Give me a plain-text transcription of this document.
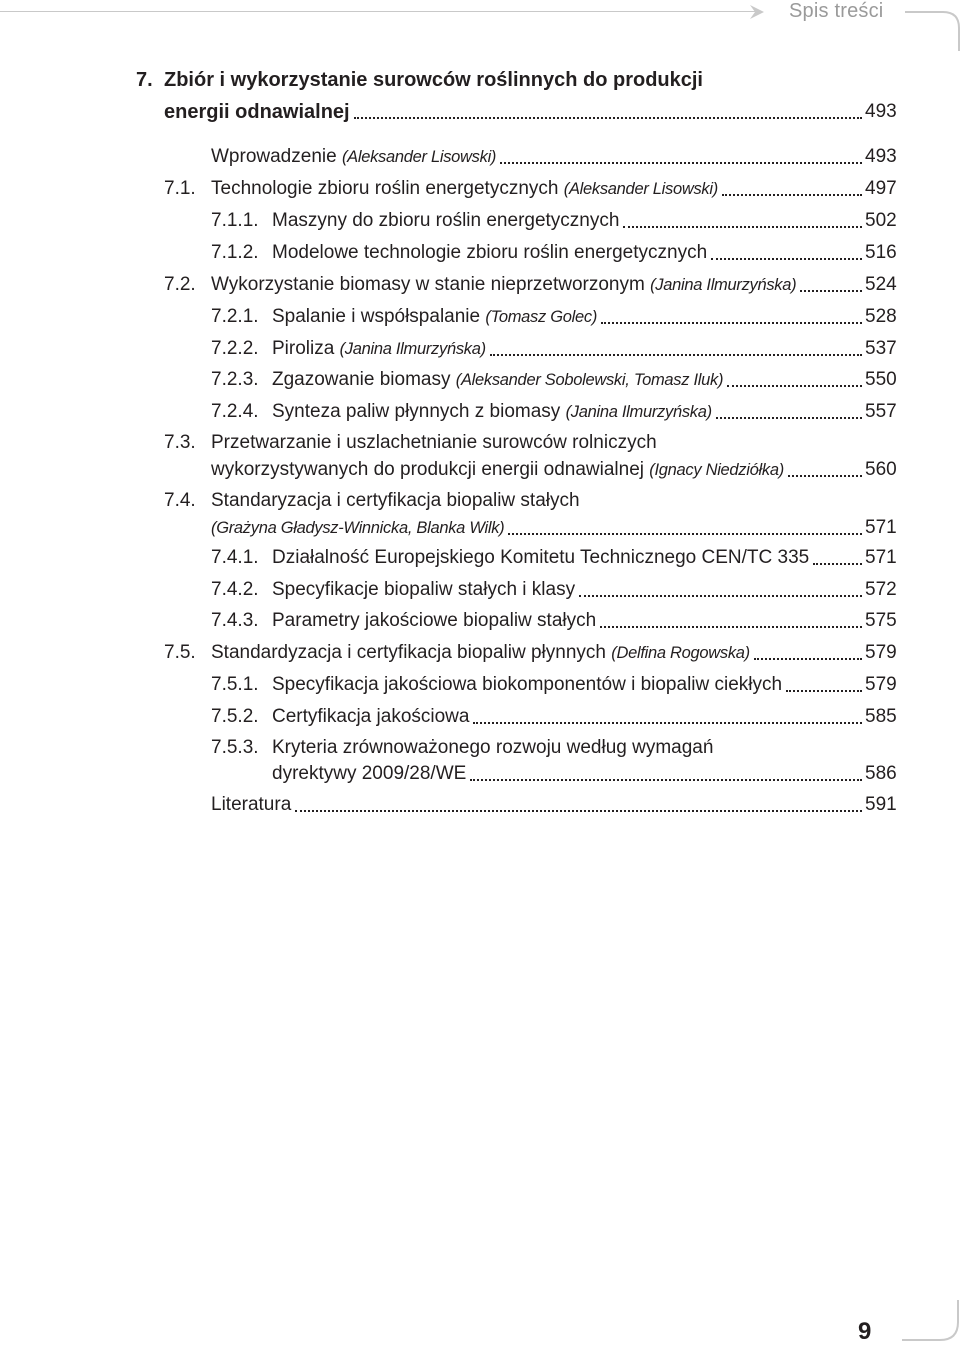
Spis treści
7. Zbiór i wykorzystanie surowców roślinnych do produkcji
energii odnawialnej	493
Wprowadzenie
(Aleksander Lisowski)	493
7.1. Technologie zbioru roślin energetycznych
(Aleksander Lisowski)	497
7.1.1. Maszyny do zbioru roślin energetycznych	502
7.1.2. Modelowe technologie zbioru roślin energetycznych	516
7.2. Wykorzystanie biomasy w stanie nieprzetworzonym
(Janina Ilmurzyńska)	524
7.2.1. Spalanie i współspalanie
(Tomasz Golec)	528
7.2.2. Piroliza
(Janina Ilmurzyńska)	537
7.2.3. Zgazowanie biomasy
(Aleksander Sobolewski, Tomasz Iluk)	550
7.2.4. Synteza paliw płynnych z biomasy
(Janina Ilmurzyńska)	557
7.3. Przetwarzanie i uszlachetnianie surowców rolniczych
wykorzystywanych do produkcji energii odnawialnej
(Ignacy Niedziółka)	560
7.4. Standaryzacja i certyfikacja biopaliw stałych
(Grażyna Gładysz-Winnicka, Blanka Wilk)	571
7.4.1. Działalność Europejskiego Komitetu Technicznego CEN/TC 335	571
7.4.2. Specyfikacje biopaliw stałych i klasy	572
7.4.3. Parametry jakościowe biopaliw stałych	575
7.5. Standardyzacja i certyfikacja biopaliw płynnych
(Delfina Rogowska)	579
7.5.1. Specyfikacja jakościowa biokomponentów i biopaliw ciekłych	579
7.5.2. Certyfikacja jakościowa	585
7.5.3. Kryteria zrównoważonego rozwoju według wymagań
dyrektywy 2009/28/WE	586
Literatura	591
9
